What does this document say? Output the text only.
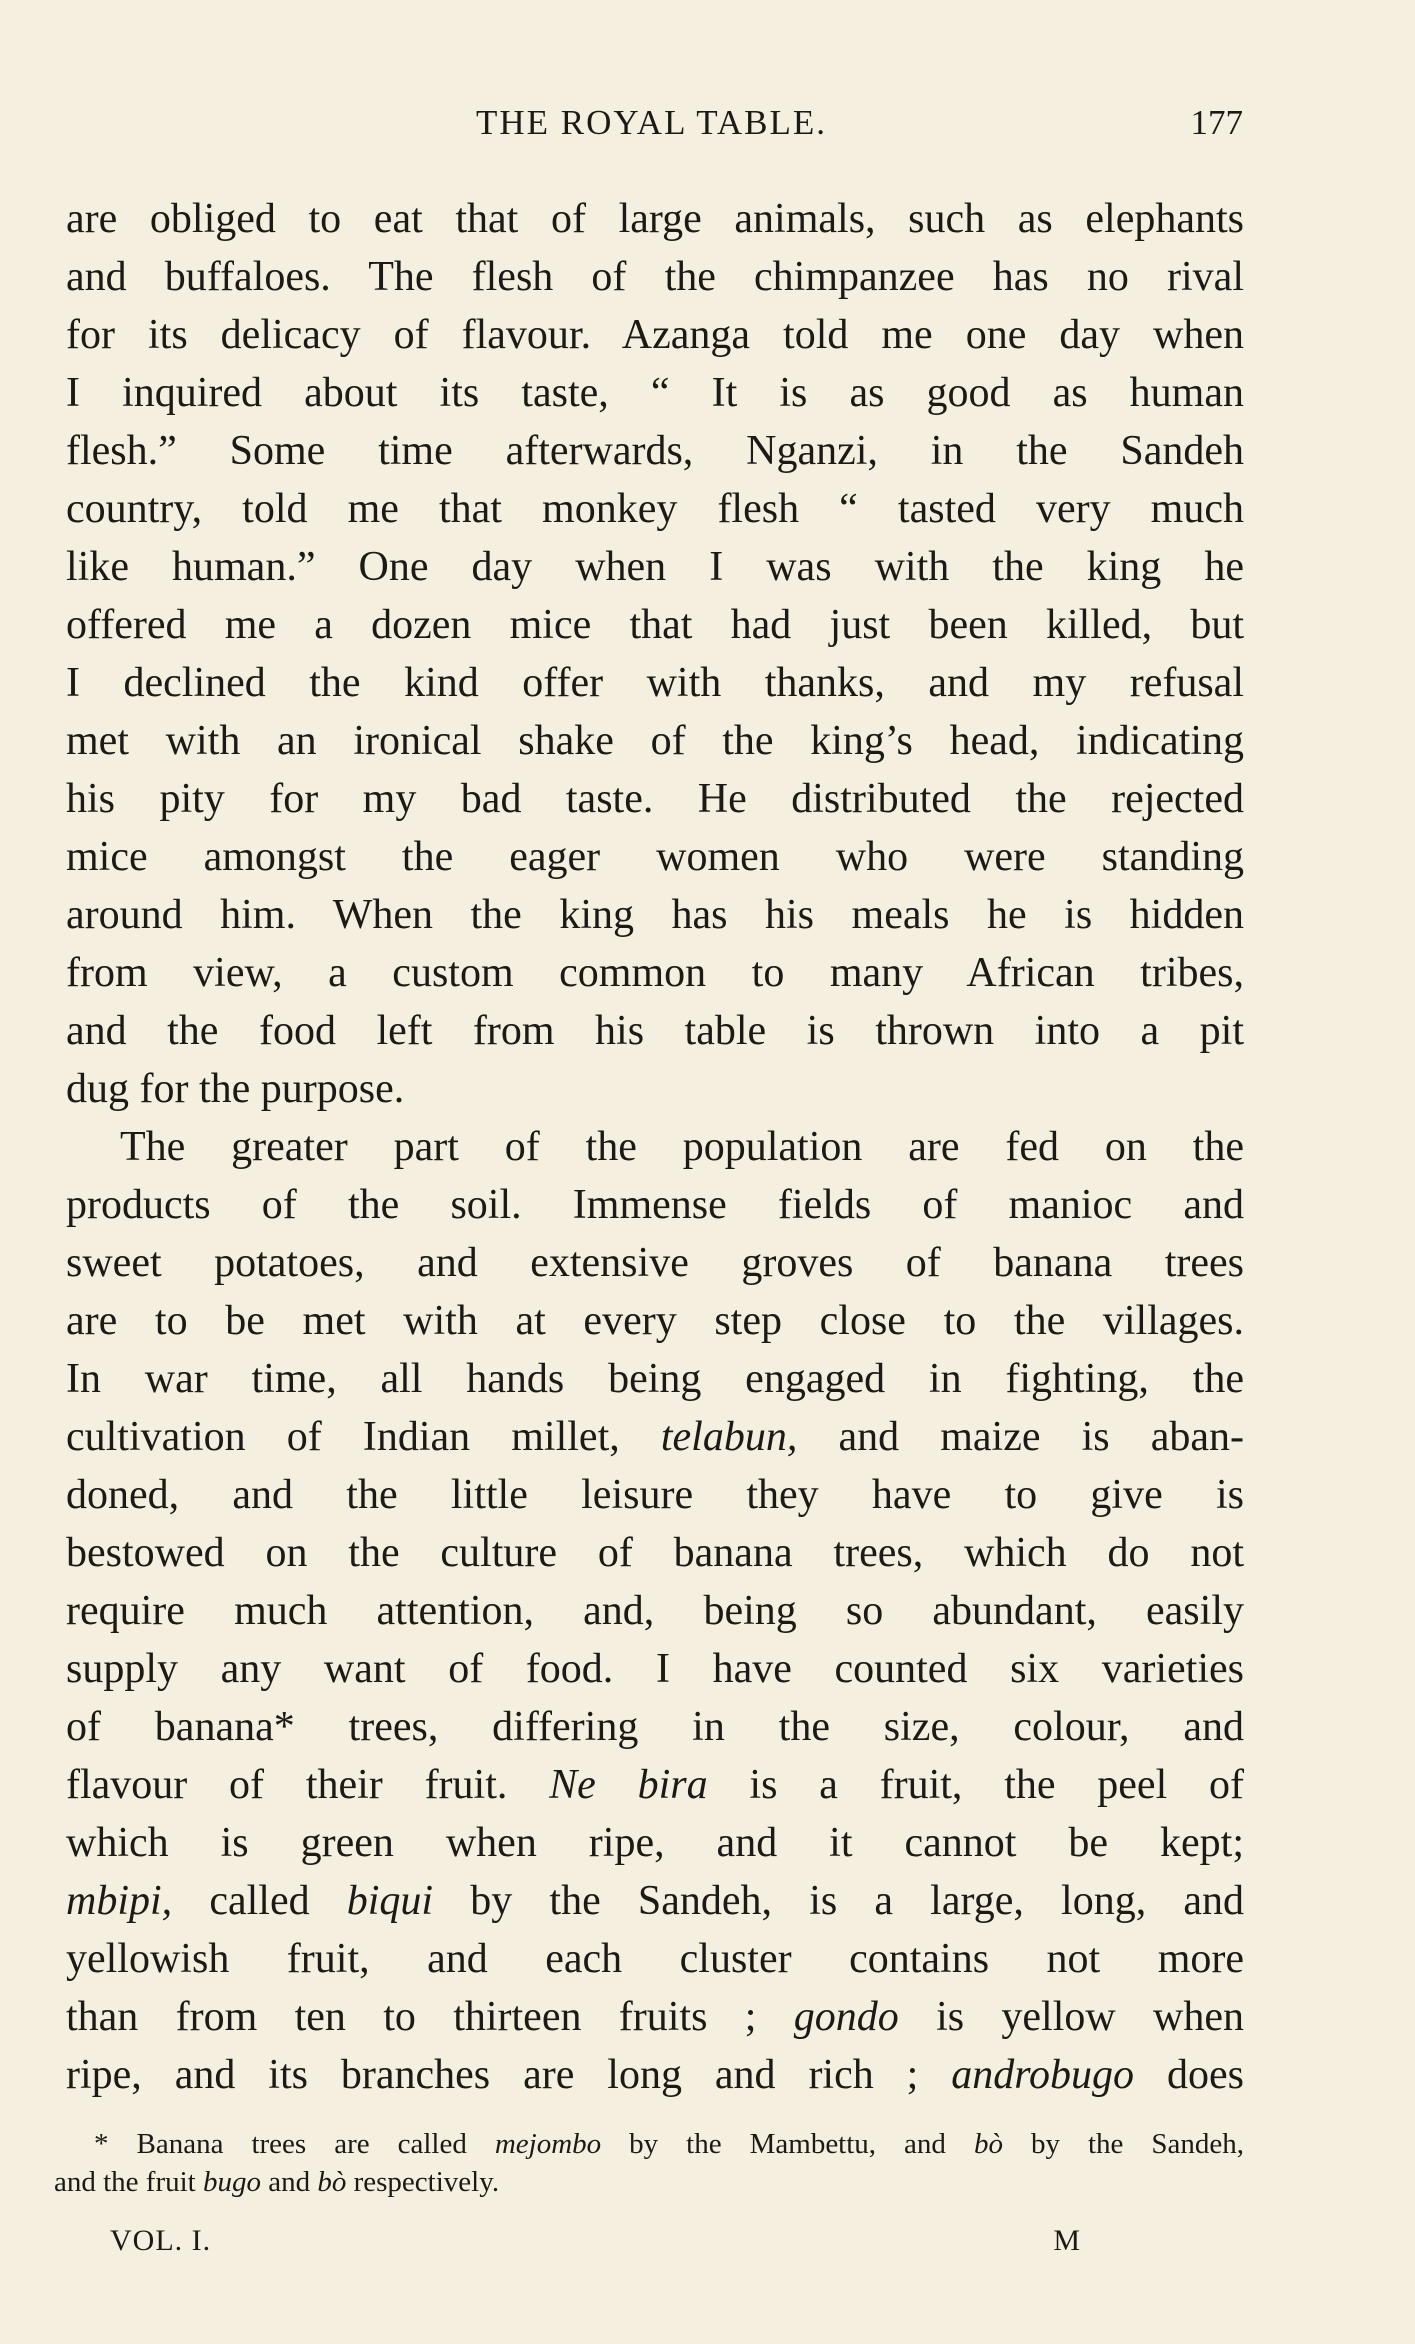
THE ROYAL TABLE.	177
are obliged to eat that of large animals, such as elephants
and buffaloes. The flesh of the chimpanzee has no rival
for its delicacy of flavour. Azanga told me one day when
I inquired about its taste, “ It is as good as human
flesh.” Some time afterwards, Nganzi, in the Sandeh
country, told me that monkey flesh “ tasted very much
like human.” One day when I was with the king he
offered me a dozen mice that had just been killed, but
I declined the kind offer with thanks, and my refusal
met with an ironical shake of the king’s head, indicating
his pity for my bad taste. He distributed the rejected
mice amongst the eager women who were standing
around him. When the king has his meals he is hidden
from view, a custom common to many African tribes,
and the food left from his table is thrown into a pit
dug for the purpose.
The greater part of the population are fed on the
products of the soil. Immense fields of manioc and
sweet potatoes, and extensive groves of banana trees
are to be met with at every step close to the villages.
In war time, all hands being engaged in fighting, the
cultivation of Indian millet, telabun, and maize is aban-
doned, and the little leisure they have to give is
bestowed on the culture of banana trees, which do not
require much attention, and, being so abundant, easily
supply any want of food. I have counted six varieties
of banana* trees, differing in the size, colour, and
flavour of their fruit. Ne bira is a fruit, the peel of
which is green when ripe, and it cannot be kept;
mbipi, called biqui by the Sandeh, is a large, long, and
yellowish fruit, and each cluster contains not more
than from ten to thirteen fruits ; gondo is yellow when
ripe, and its branches are long and rich ; androbugo does
* Banana trees are called mejombo by the Mambettu, and bò by the Sandeh,
and the fruit bugo and bò respectively.
VOL. I.	M
